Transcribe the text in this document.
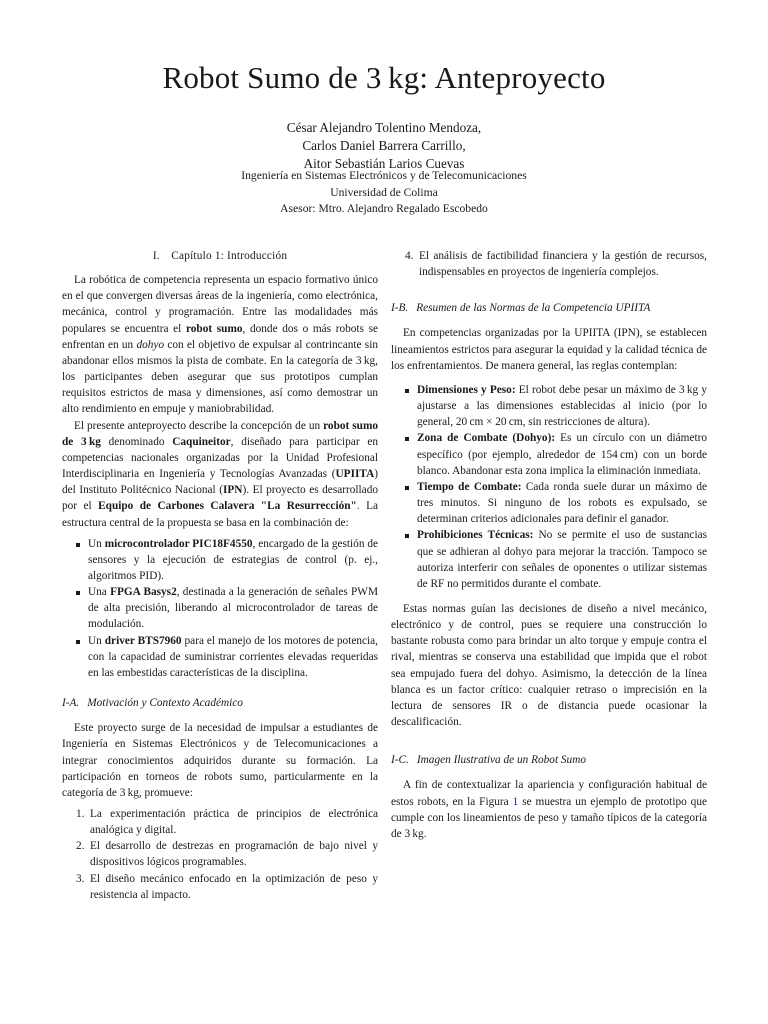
Robot Sumo de 3 kg: Anteproyecto
César Alejandro Tolentino Mendoza,
Carlos Daniel Barrera Carrillo,
Aitor Sebastián Larios Cuevas
Ingeniería en Sistemas Electrónicos y de Telecomunicaciones
Universidad de Colima
Asesor: Mtro. Alejandro Regalado Escobedo
I. Capítulo 1: Introducción

La robótica de competencia representa un espacio formativo único en el que convergen diversas áreas de la ingeniería, como electrónica, mecánica, control y programación. Entre las modalidades más populares se encuentra el robot sumo, donde dos o más robots se enfrentan en un dohyo con el objetivo de expulsar al contrincante sin abandonar ellos mismos la pista de combate. En la categoría de 3 kg, los participantes deben asegurar que sus prototipos cumplan requisitos estrictos de masa y dimensiones, así como demostrar un alto rendimiento en empuje y maniobrabilidad.

El presente anteproyecto describe la concepción de un robot sumo de 3 kg denominado Caquineitor, diseñado para participar en competencias nacionales organizadas por la Unidad Profesional Interdisciplinaria en Ingeniería y Tecnologías Avanzadas (UPIITA) del Instituto Politécnico Nacional (IPN). El proyecto es desarrollado por el Equipo de Carbones Calavera "La Resurrección". La estructura central de la propuesta se basa en la combinación de:

Un microcontrolador PIC18F4550, encargado de la gestión de sensores y la ejecución de estrategias de control (p. ej., algoritmos PID).
Una FPGA Basys2, destinada a la generación de señales PWM de alta precisión, liberando al microcontrolador de tareas de modulación.
Un driver BTS7960 para el manejo de los motores de potencia, con la capacidad de suministrar corrientes elevadas requeridas en las embestidas características de la disciplina.
I-A. Motivación y Contexto Académico

Este proyecto surge de la necesidad de impulsar a estudiantes de Ingeniería en Sistemas Electrónicos y de Telecomunicaciones a integrar conocimientos adquiridos durante su formación. La participación en torneos de robots sumo, particularmente en la categoría de 3 kg, promueve:

1. La experimentación práctica de principios de electrónica analógica y digital.
2. El desarrollo de destrezas en programación de bajo nivel y dispositivos lógicos programables.
3. El diseño mecánico enfocado en la optimización de peso y resistencia al impacto.
4. El análisis de factibilidad financiera y la gestión de recursos, indispensables en proyectos de ingeniería complejos.
I-B. Resumen de las Normas de la Competencia UPIITA

En competencias organizadas por la UPIITA (IPN), se establecen lineamientos estrictos para asegurar la equidad y la calidad técnica de los enfrentamientos. De manera general, las reglas contemplan:

Dimensiones y Peso: El robot debe pesar un máximo de 3 kg y ajustarse a las dimensiones establecidas al inicio (por lo general, 20 cm × 20 cm, sin restricciones de altura).
Zona de Combate (Dohyo): Es un círculo con un diámetro específico (por ejemplo, alrededor de 154 cm) con un borde blanco. Abandonar esta zona implica la eliminación inmediata.
Tiempo de Combate: Cada ronda suele durar un máximo de tres minutos. Si ninguno de los robots es expulsado, se determinan criterios adicionales para definir el ganador.
Prohibiciones Técnicas: No se permite el uso de sustancias que se adhieran al dohyo para mejorar la tracción. Tampoco se autoriza interferir con señales de oponentes o utilizar sistemas de RF no permitidos durante el combate.

Estas normas guían las decisiones de diseño a nivel mecánico, electrónico y de control, pues se requiere una construcción lo bastante robusta como para brindar un alto torque y empuje contra el rival, mientras se conserva una estabilidad que impida que el robot sea empujado fuera del dohyo. Asimismo, la detección de la línea blanca es un factor crítico: cualquier retraso o imprecisión en la lectura de sensores IR o de distancia puede ocasionar la descalificación.

I-C. Imagen Ilustrativa de un Robot Sumo

A fin de contextualizar la apariencia y configuración habitual de estos robots, en la Figura 1 se muestra un ejemplo de prototipo que cumple con los lineamientos de peso y tamaño típicos de la categoría de 3 kg.
